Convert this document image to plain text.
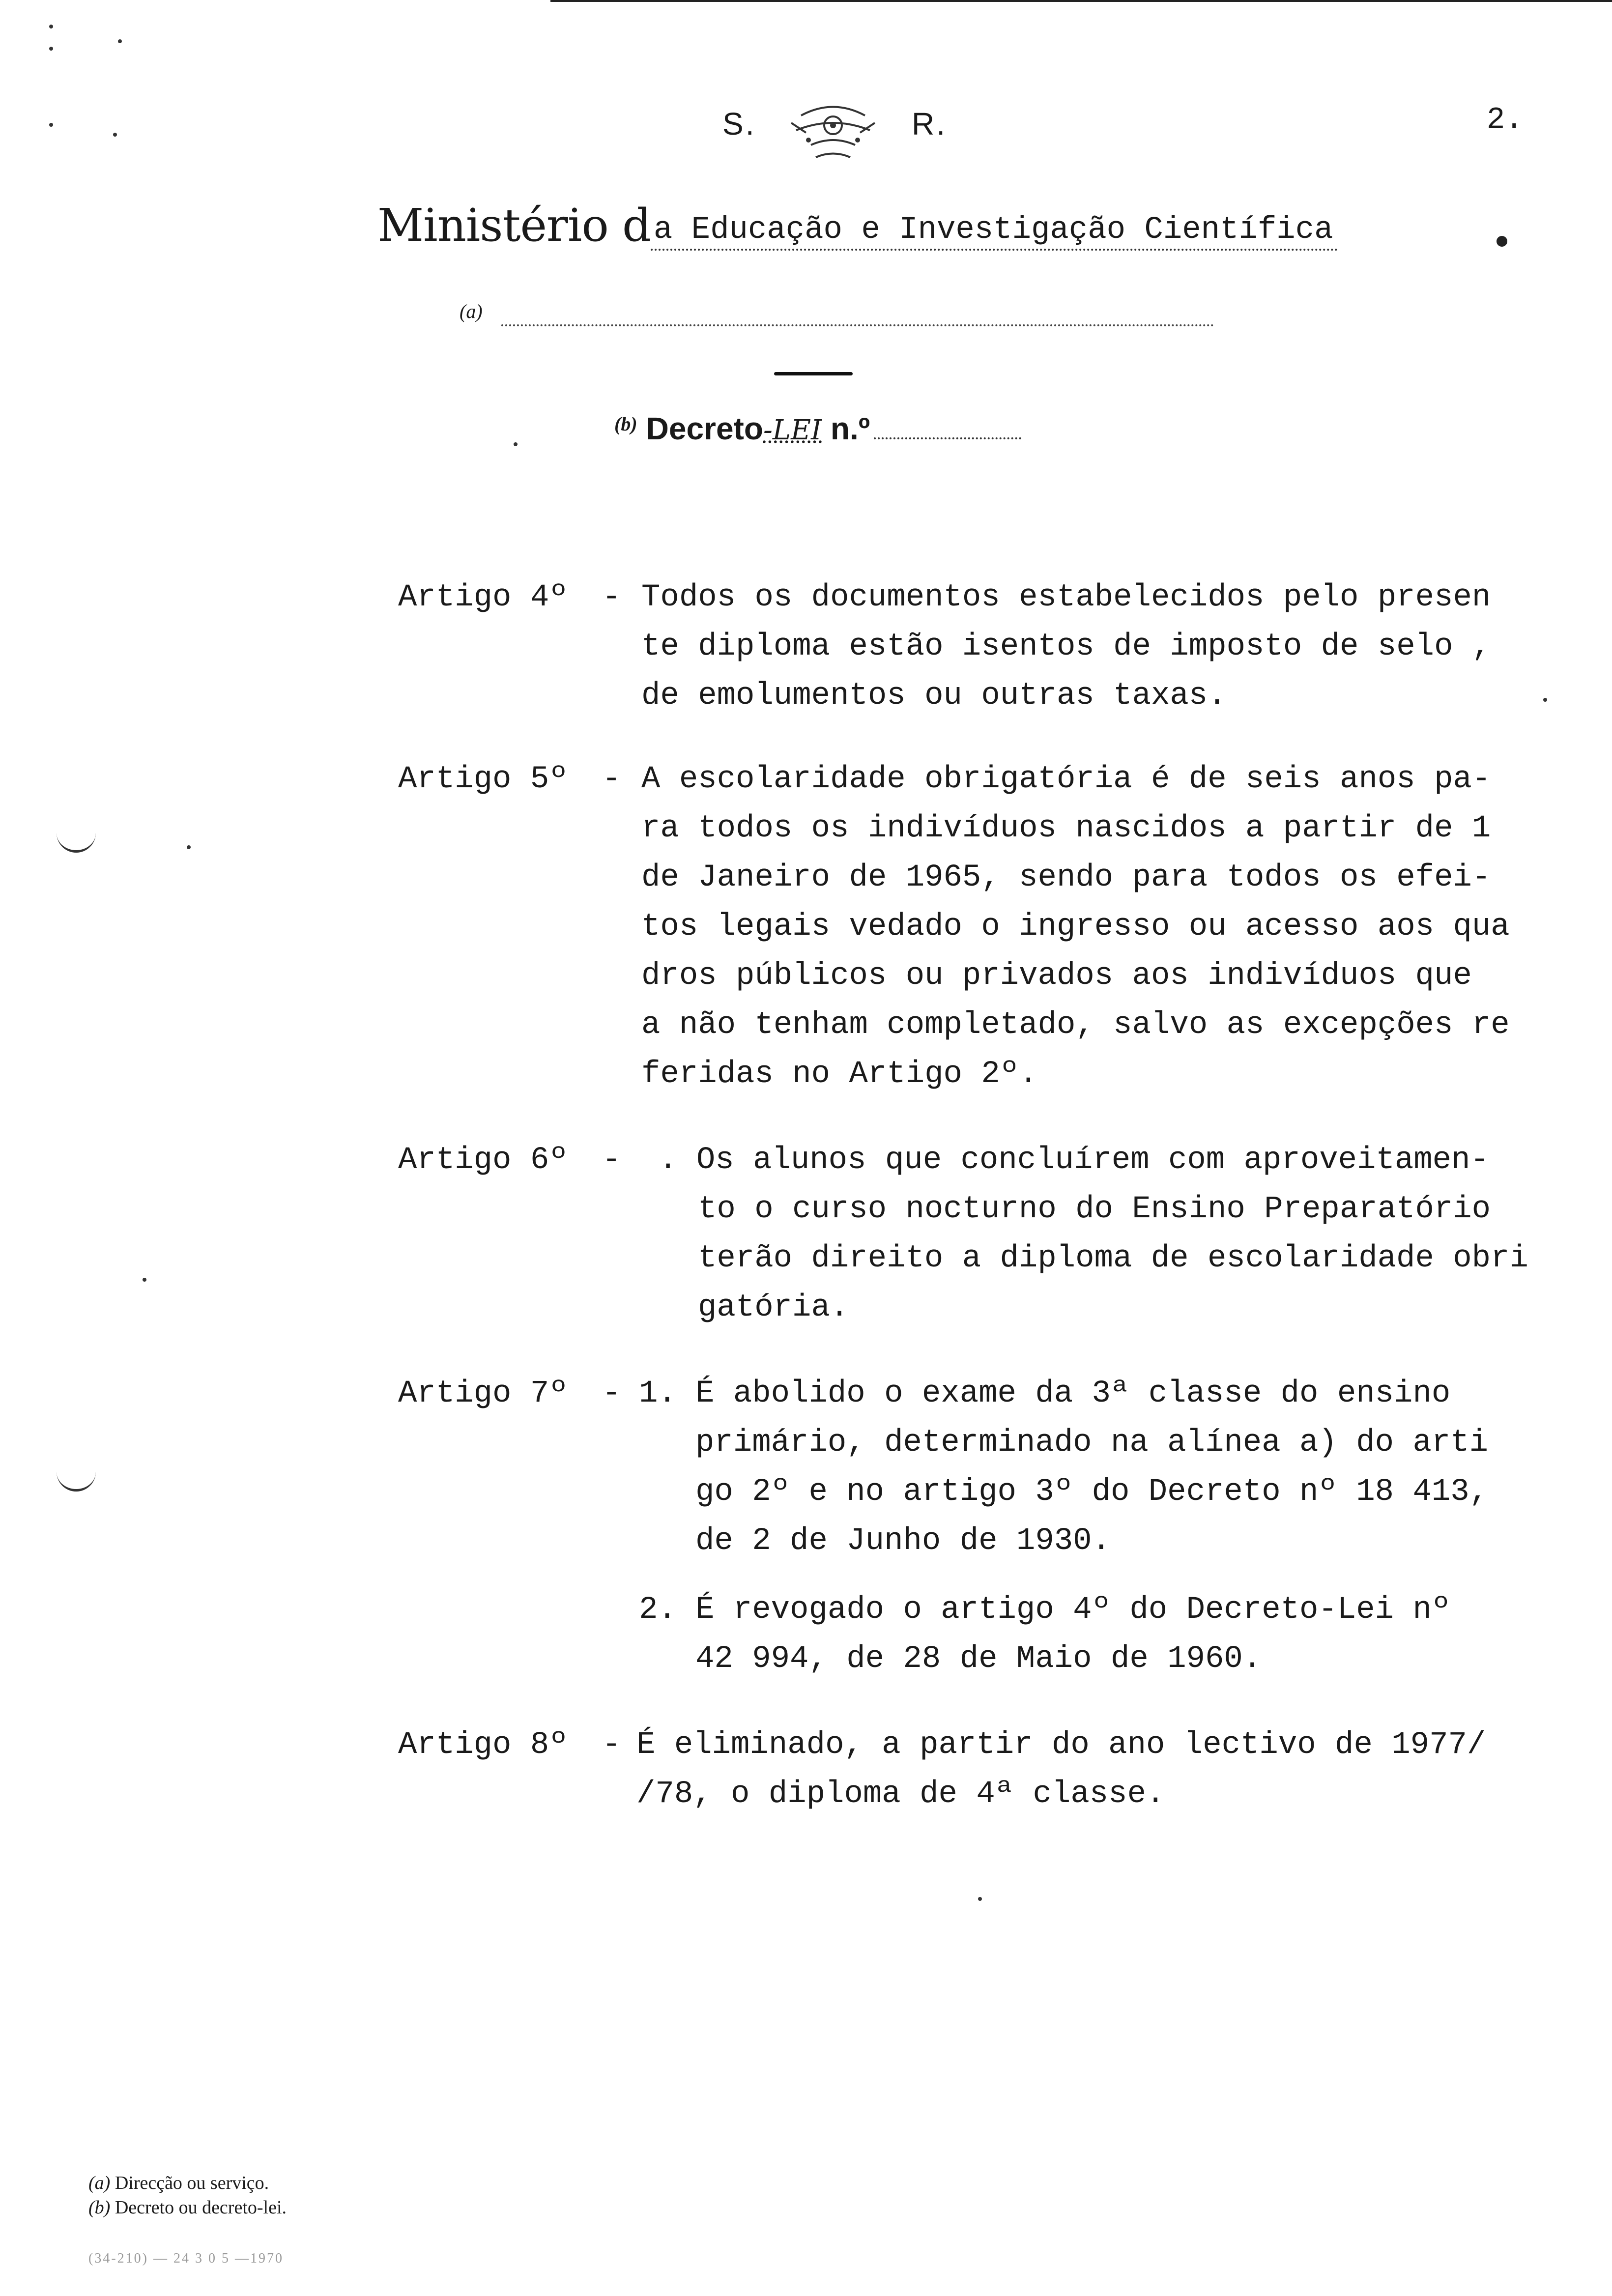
S.	R.	2.
Ministério da Educação e Investigação Científica
(a)
$^{(b)}$ Decreto-LEI n.º
Artigo 4º - Todos os documentos estabelecidos pelo presen
te diploma estão isentos de imposto de selo ,
de emolumentos ou outras taxas.
Artigo 5º - A escolaridade obrigatória é de seis anos pa-
ra todos os indivíduos nascidos a partir de 1
de Janeiro de 1965, sendo para todos os efei-
tos legais vedado o ingresso ou acesso aos qua
dros públicos ou privados aos indivíduos que
a não tenham completado, salvo as excepções re
feridas no Artigo 2º.
Artigo 6º - . Os alunos que concluírem com aproveitamen-
to o curso nocturno do Ensino Preparatório
terão direito a diploma de escolaridade obri
gatória.
Artigo 7º - 1. É abolido o exame da 3ª classe do ensino
primário, determinado na alínea a) do arti
go 2º e no artigo 3º do Decreto nº 18 413,
de 2 de Junho de 1930.
2. É revogado o artigo 4º do Decreto-Lei nº
42 994, de 28 de Maio de 1960.
Artigo 8º - É eliminado, a partir do ano lectivo de 1977/
/78, o diploma de 4ª classe.
(a) Direcção ou serviço.
(b) Decreto ou decreto-lei.
(34-210) — 24 3 0 5 —1970
